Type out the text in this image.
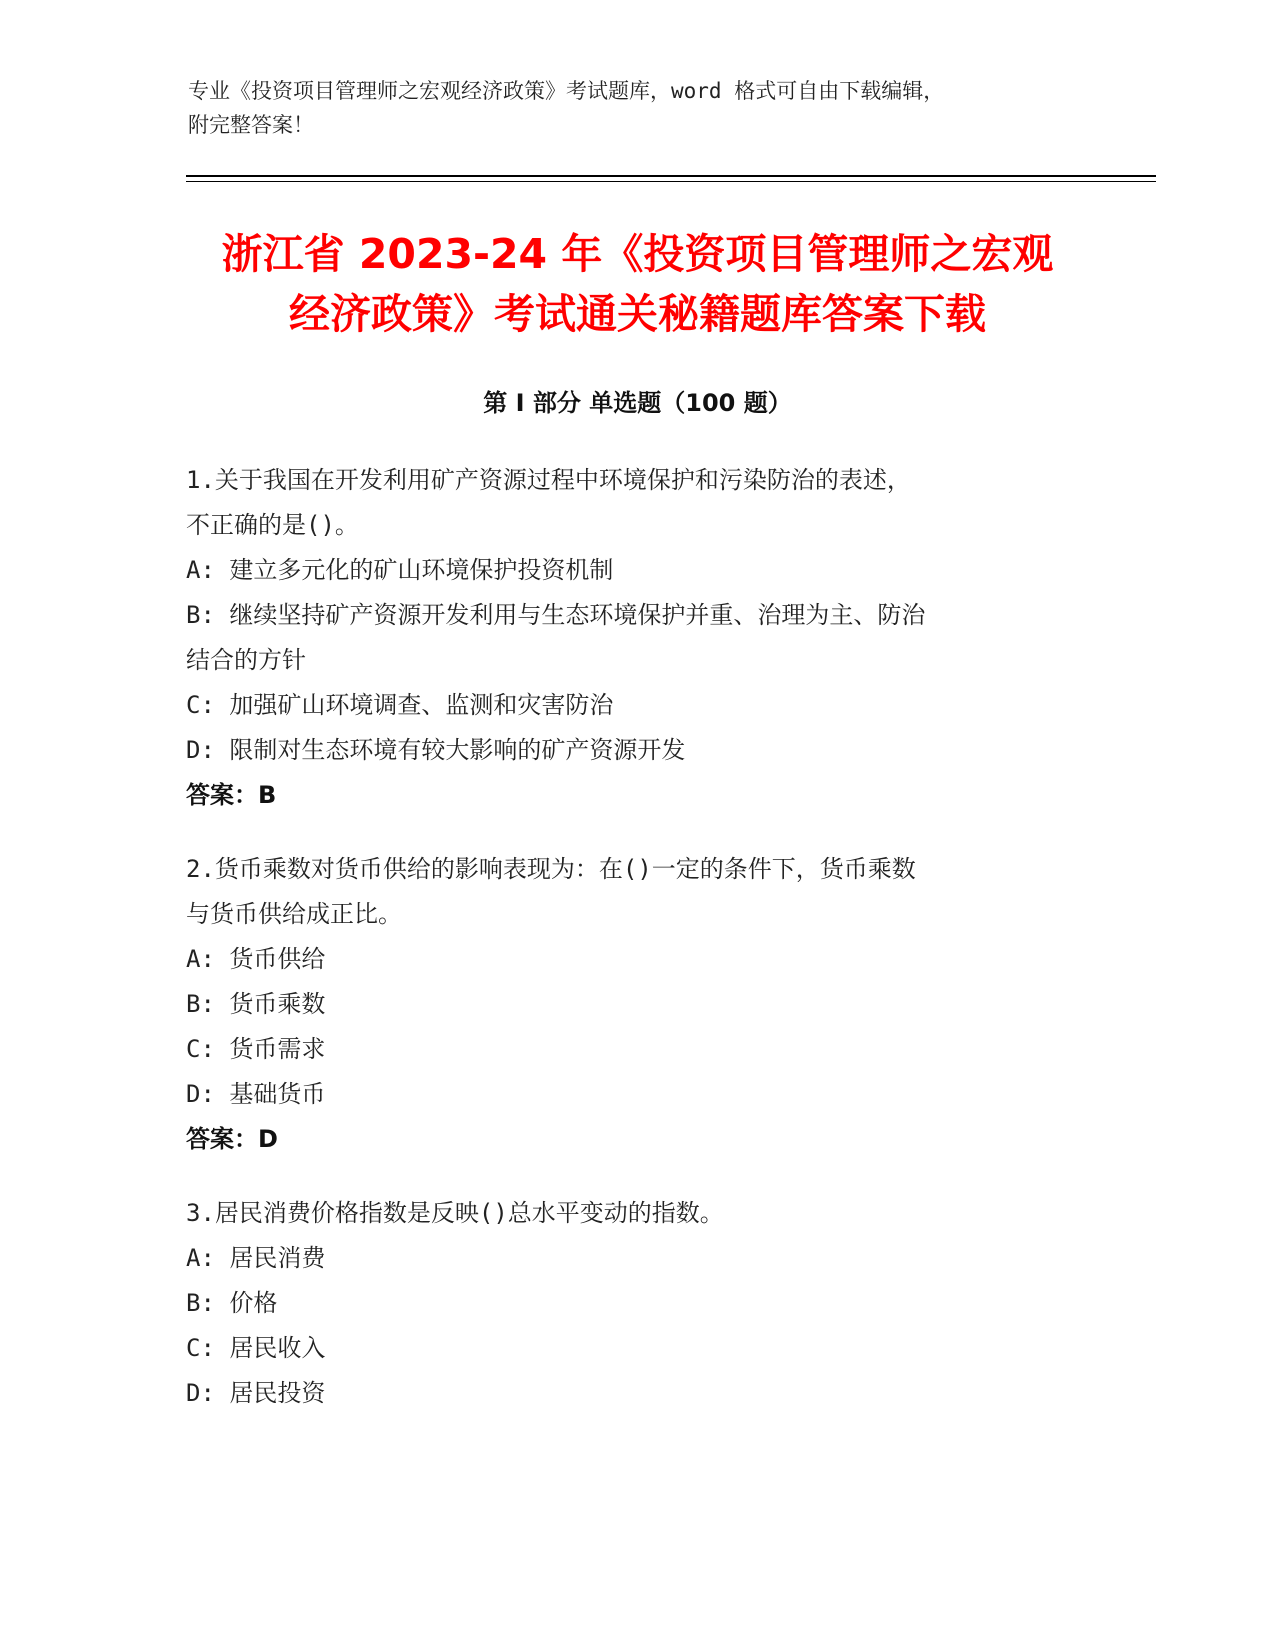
专业《投资项目管理师之宏观经济政策》考试题库，word 格式可自由下载编辑，
附完整答案！
浙江省 2023-24 年《投资项目管理师之宏观
经济政策》考试通关秘籍题库答案下载
第 I 部分 单选题（100 题）
1.关于我国在开发利用矿产资源过程中环境保护和污染防治的表述，
不正确的是()。
A: 建立多元化的矿山环境保护投资机制
B: 继续坚持矿产资源开发利用与生态环境保护并重、治理为主、防治
结合的方针
C: 加强矿山环境调查、监测和灾害防治
D: 限制对生态环境有较大影响的矿产资源开发
答案：B
2.货币乘数对货币供给的影响表现为：在()一定的条件下，货币乘数
与货币供给成正比。
A: 货币供给
B: 货币乘数
C: 货币需求
D: 基础货币
答案：D
3.居民消费价格指数是反映()总水平变动的指数。
A: 居民消费
B: 价格
C: 居民收入
D: 居民投资
